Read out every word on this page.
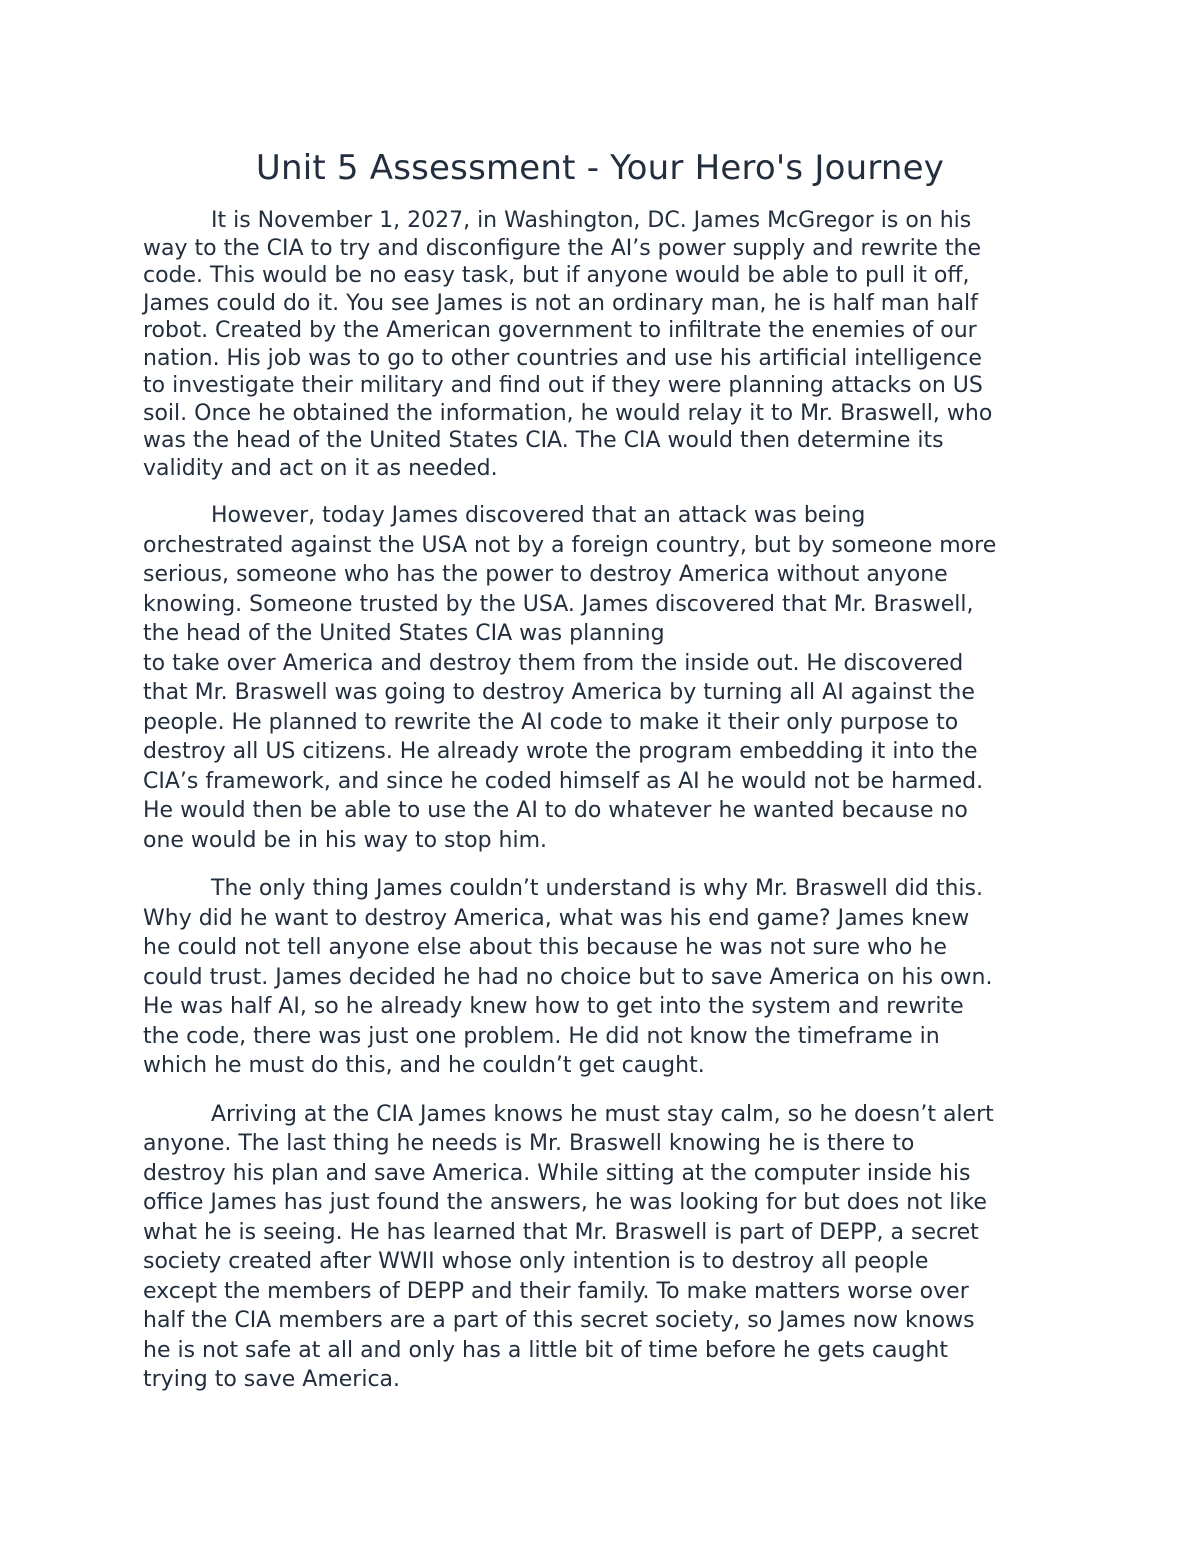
Unit 5 Assessment - Your Hero's Journey
It is November 1, 2027, in Washington, DC. James McGregor is on his
way to the CIA to try and disconfigure the AI’s power supply and rewrite the
code. This would be no easy task, but if anyone would be able to pull it off,
James could do it. You see James is not an ordinary man, he is half man half
robot. Created by the American government to infiltrate the enemies of our
nation. His job was to go to other countries and use his artificial intelligence
to investigate their military and find out if they were planning attacks on US
soil. Once he obtained the information, he would relay it to Mr. Braswell, who
was the head of the United States CIA. The CIA would then determine its
validity and act on it as needed.
However, today James discovered that an attack was being
orchestrated against the USA not by a foreign country, but by someone more
serious, someone who has the power to destroy America without anyone
knowing. Someone trusted by the USA. James discovered that Mr. Braswell,
the head of the United States CIA was planning
to take over America and destroy them from the inside out. He discovered
that Mr. Braswell was going to destroy America by turning all AI against the
people. He planned to rewrite the AI code to make it their only purpose to
destroy all US citizens. He already wrote the program embedding it into the
CIA’s framework, and since he coded himself as AI he would not be harmed.
He would then be able to use the AI to do whatever he wanted because no
one would be in his way to stop him.
The only thing James couldn’t understand is why Mr. Braswell did this.
Why did he want to destroy America, what was his end game? James knew
he could not tell anyone else about this because he was not sure who he
could trust. James decided he had no choice but to save America on his own.
He was half AI, so he already knew how to get into the system and rewrite
the code, there was just one problem. He did not know the timeframe in
which he must do this, and he couldn’t get caught.
Arriving at the CIA James knows he must stay calm, so he doesn’t alert
anyone. The last thing he needs is Mr. Braswell knowing he is there to
destroy his plan and save America. While sitting at the computer inside his
office James has just found the answers, he was looking for but does not like
what he is seeing. He has learned that Mr. Braswell is part of DEPP, a secret
society created after WWII whose only intention is to destroy all people
except the members of DEPP and their family. To make matters worse over
half the CIA members are a part of this secret society, so James now knows
he is not safe at all and only has a little bit of time before he gets caught
trying to save America.
